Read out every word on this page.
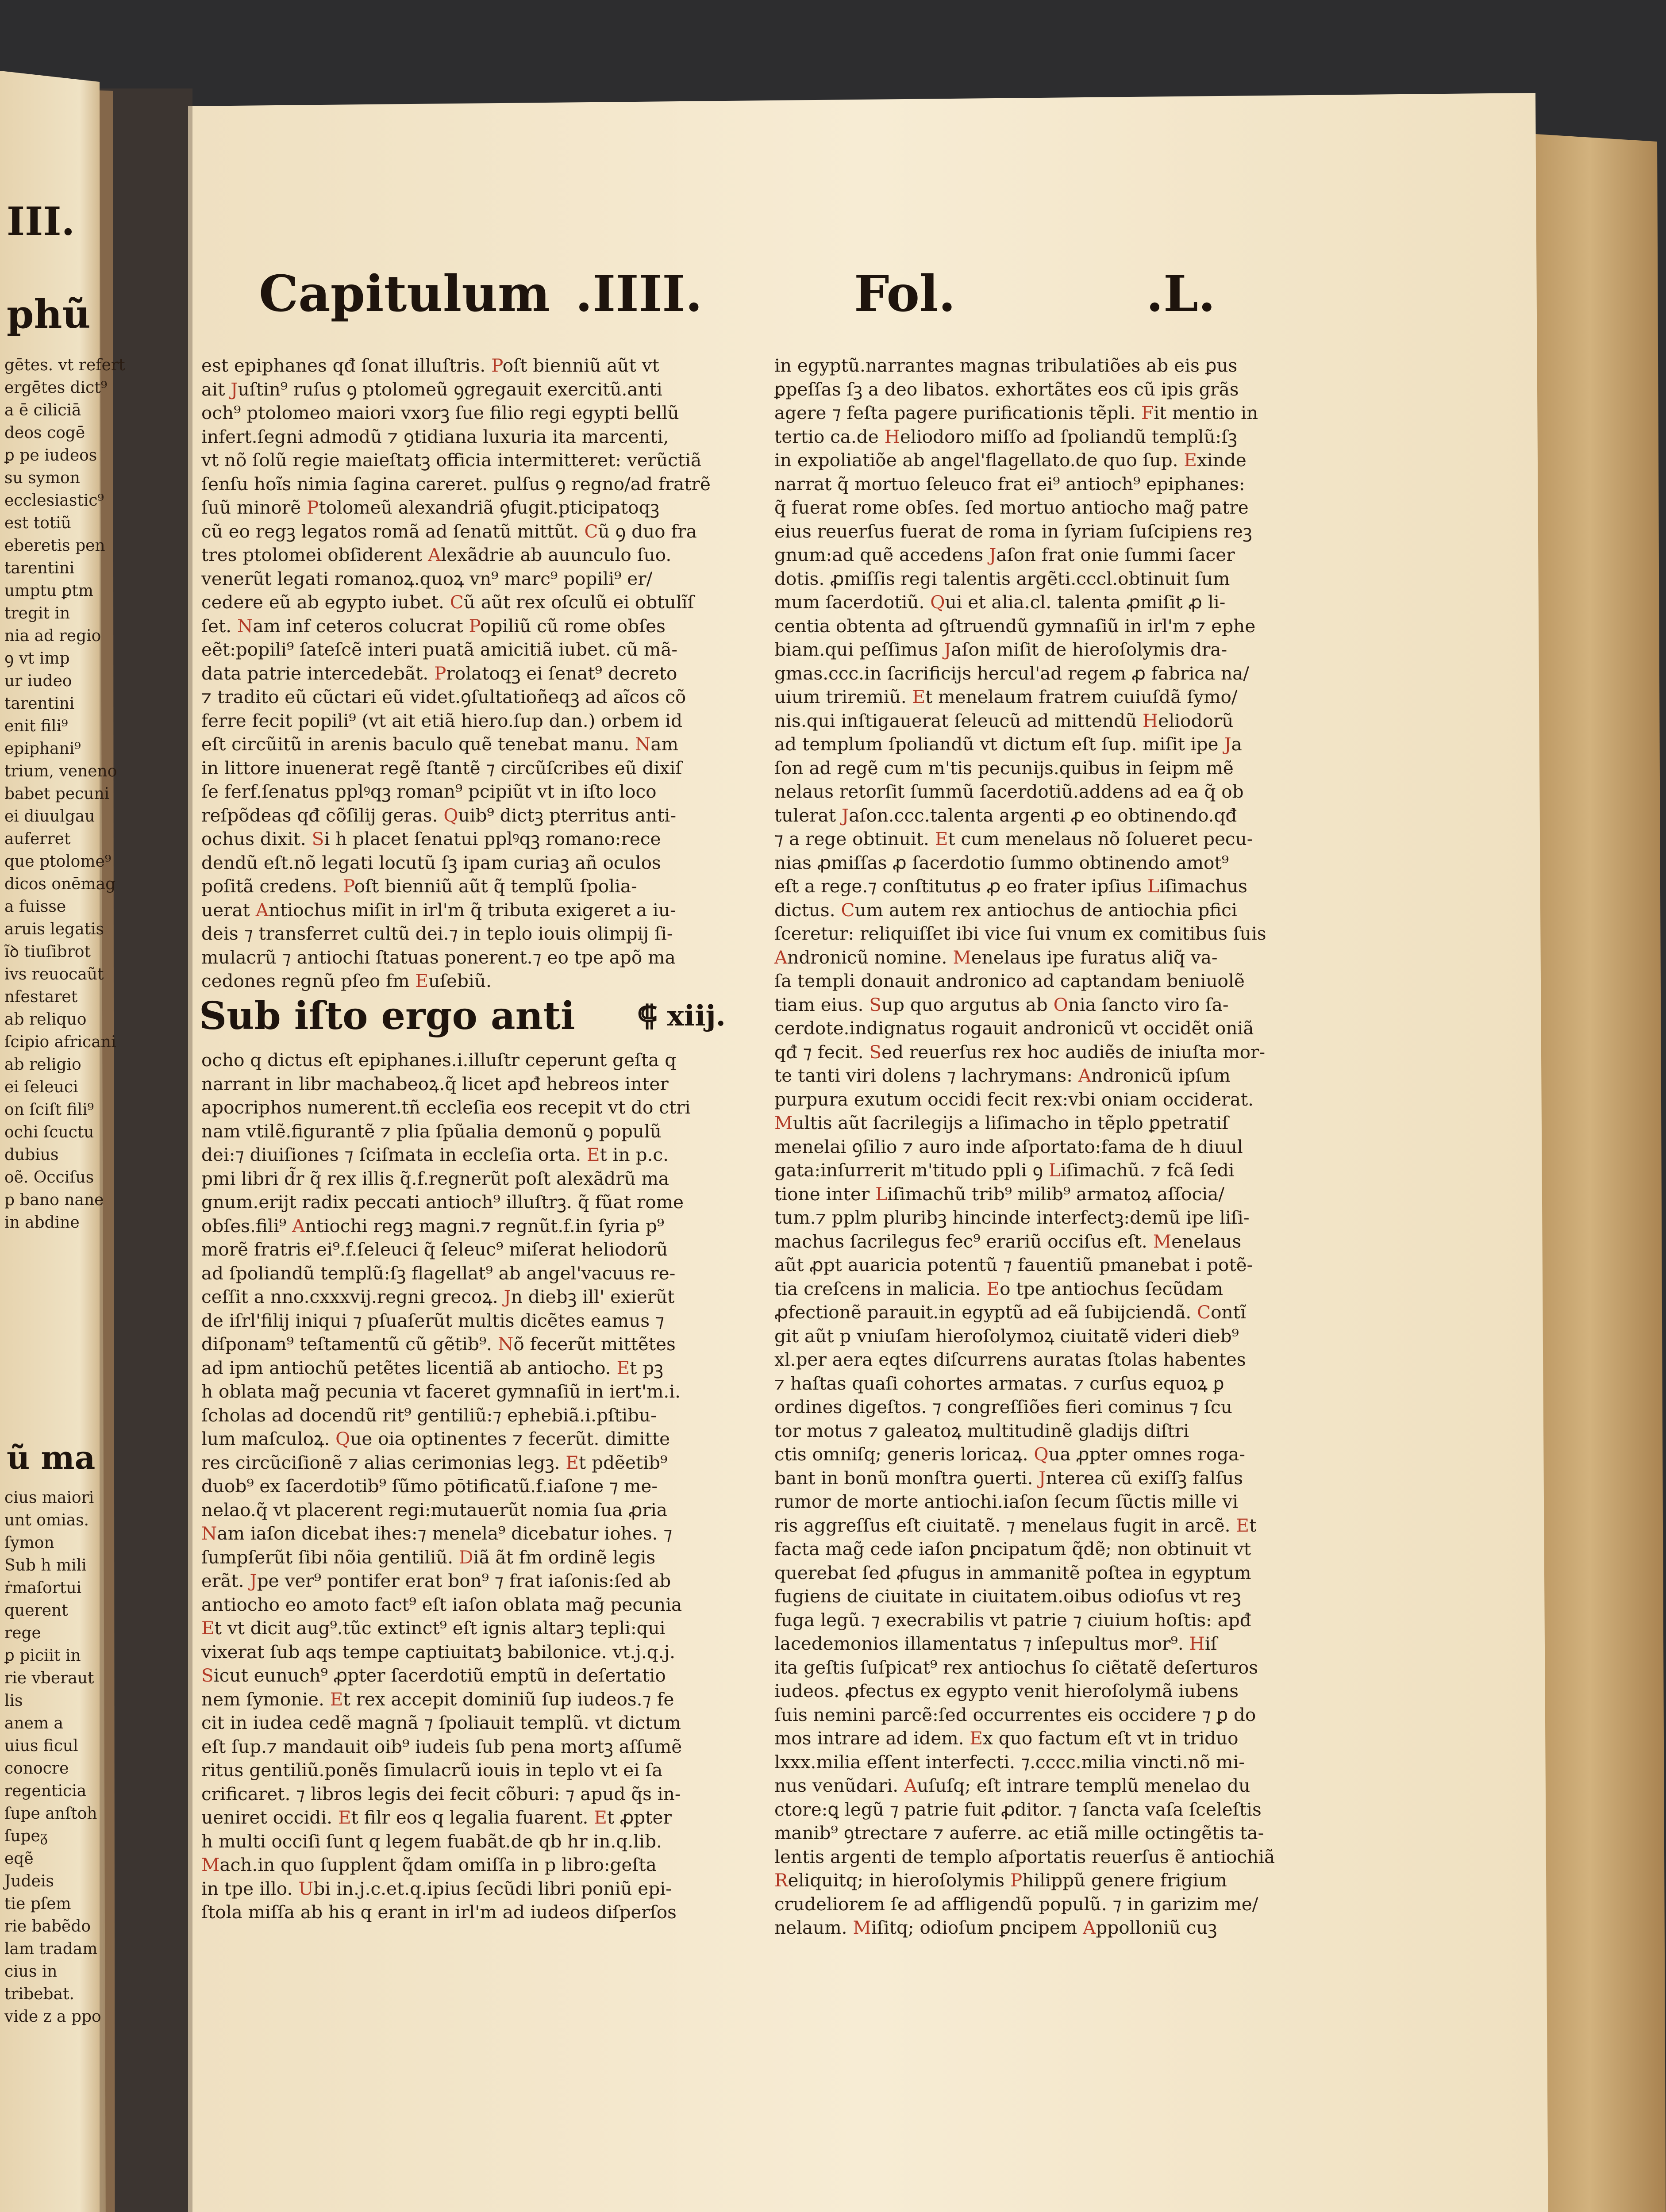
III.
phũ

gētes. vt refert

ergētes dict⁹

a ē ciliciā

deos cogē

ꝑ pe iudeos

su symon

ecclesiastic⁹

est totiũ

eberetis pen

tarentini

umptu ꝑtm

tregit in

nia ad regio

ꝯ vt imp

ur iudeo

tarentini

enit fili⁹

epiphani⁹

trium, veneno

babet pecuni

ei diuulgau

auferret

que ptolome⁹

dicos onēmag

a fuisse

aruis legatis

ĩꝺ tiuſibrot

ivs reuocaũt

nfestaret

ab reliquo

ſcipio africani

ab religio

ei ſeleuci

on ſciſt fili⁹

ochi ſcuctu

dubius

oẽ. Occiſus

p bano nane

in abdine

ũ ma

cius maiori

unt omias.

ſymon

Sub h mili

ṙmaſortui

querent

rege

ꝑ piciit in

rie vberaut

lis

anem a

uius ficul

conocre

regenticia

ſupe anſtoh

ſupeᵹ

eqẽ

Judeis

tie pſem

rie babẽdo

lam tradam

cius in

tribebat.

vide z a ppo

Capitulum .IIII.	Fol.	.L.

est epiphanes qđ ſonat illuſtris. Poſt bienniũ aũt vt

ait Juſtin⁹ ruſus ꝯ ptolomeũ ꝯgregauit exercitũ.anti

och⁹ ptolomeo maiori vxorꝫ ſue filio regi egypti bellũ

infert.ſegni admodũ ⁊ ꝯtidiana luxuria ita marcenti,

vt nõ ſolũ regie maieſtatꝫ officia intermitteret: verũctiã

ſenſu hoĩs nimia ſagina careret. pulſus ꝯ regno/ad fratrẽ

ſuũ minorẽ Ptolomeũ alexandriã ꝯfugit.pticipatoqꝫ

cũ eo regꝫ legatos romã ad ſenatũ mittũt. Cũ ꝯ duo fra

tres ptolomei obſiderent Alexãdrie ab auunculo ſuo.

venerũt legati romanoꝝ.quoꝝ vn⁹ marc⁹ popili⁹ er/

cedere eũ ab egypto iubet. Cũ aũt rex oſculũ ei obtulĩſ

ſet. Nam inf ceteros colucrat Popiliũ cũ rome obſes

eẽt:popili⁹ ſateſcẽ interi puatã amicitiã iubet. cũ mã-

data patrie intercedebãt. Prolatoqꝫ ei ſenat⁹ decreto

⁊ tradito eũ cũctari eũ videt.ꝯſultatioñeqꝫ ad aĩcos cõ

ferre fecit popili⁹ (vt ait etiã hiero.ſup dan.) orbem id

eſt circũitũ in arenis baculo quẽ tenebat manu. Nam

in littore inuenerat regẽ ſtantẽ ⁊ circũſcribes eũ dixiſ

ſe ferf.ſenatus pplꝰqꝫ roman⁹ pcipiũt vt in iſto loco

reſpõdeas qđ cõſilij geras. Quib⁹ dictꝫ pterritus anti-

ochus dixit. Si h placet ſenatui pplꝰqꝫ romano:rece

dendũ eſt.nõ legati locutũ ſꝫ ipam curiaꝫ añ oculos

poſitã credens. Poſt bienniũ aũt q̃ templũ ſpolia-

uerat Antiochus miſit in irl'm q̃ tributa exigeret a iu-

deis ⁊ transferret cultũ dei.⁊ in teplo iouis olimpij ſi-

mulacrũ ⁊ antiochi ſtatuas ponerent.⁊ eo tpe apõ ma

cedones regnũ pſeo fm Euſebiũ.

Sub iſto ergo anti ⸿ xiij.

ocho q dictus eſt epiphanes.i.illuſtr ceperunt geſta q

narrant in libr machabeoꝝ.q̃ licet apđ hebreos inter

apocriphos numerent.tñ eccleſia eos recepit vt do ctri

nam vtilẽ.figurantẽ ⁊ plia ſpũalia demonũ ꝯ populũ

dei:⁊ diuiſiones ⁊ ſciſmata in eccleſia orta. Et in p.c.

pmi libri d̃r q̃ rex illis q̃.f.regnerũt poſt alexãdrũ ma

gnum.erijt radix peccati antioch⁹ illuſtrꝫ. q̃ fũat rome

obſes.fili⁹ Antiochi regꝫ magni.⁊ regnũt.f.in ſyria p⁹

morẽ fratris ei⁹.f.ſeleuci q̃ ſeleuc⁹ miſerat heliodorũ

ad ſpoliandũ templũ:ſꝫ flagellat⁹ ab angel'vacuus re-

ceſſit a nno.cxxxvij.regni grecoꝝ. Jn diebꝫ ill' exierũt

de iſrl'filij iniqui ⁊ pſuaſerũt multis dicẽtes eamus ⁊

diſponam⁹ teſtamentũ cũ gẽtib⁹. Nõ fecerũt mittẽtes

ad ipm antiochũ petẽtes licentiã ab antiocho. Et pꝫ

h oblata mag̃ pecunia vt faceret gymnaſiũ in iert'm.i.

ſcholas ad docendũ rit⁹ gentiliũ:⁊ ephebiã.i.pſtibu-

lum maſculoꝝ. Que oia optinentes ⁊ fecerũt. dimitte

res circũciſionẽ ⁊ alias cerimonias legꝫ. Et pdẽetib⁹

duob⁹ ex ſacerdotib⁹ ſũmo pōtificatũ.f.iaſone ⁊ me-

nelao.q̃ vt placerent regi:mutauerũt nomia ſua ꝓria

Nam iaſon dicebat ihes:⁊ menela⁹ dicebatur iohes. ⁊

ſumpſerũt ſibi nõia gentiliũ. Diã ãt fm ordinẽ legis

erãt. Jpe ver⁹ pontifer erat bon⁹ ⁊ frat iaſonis:ſed ab

antiocho eo amoto fact⁹ eſt iaſon oblata mag̃ pecunia

Et vt dicit aug⁹.tũc extinct⁹ eſt ignis altarꝫ tepli:qui

vixerat ſub aqs tempe captiuitatꝫ babilonice. vt.j.q.j.

Sicut eunuch⁹ ꝓpter ſacerdotiũ emptũ in deſertatio

nem ſymonie. Et rex accepit dominiũ ſup iudeos.⁊ fe

cit in iudea cedẽ magnã ⁊ ſpoliauit templũ. vt dictum

eſt ſup.⁊ mandauit oib⁹ iudeis ſub pena mortꝫ aſſumẽ

ritus gentiliũ.ponẽs ſimulacrũ iouis in teplo vt ei ſa

crificaret. ⁊ libros legis dei fecit cõburi: ⁊ apud q̃s in-

ueniret occidi. Et filr eos q legalia fuarent. Et ꝓpter

h multi occiſi ſunt q legem fuabãt.de qb hr in.q.lib.

Mach.in quo ſupplent q̃dam omiſſa in p libro:geſta

in tpe illo. Ubi in.j.c.et.q.ipius ſecũdi libri poniũ epi-

ſtola miſſa ab his q erant in irl'm ad iudeos diſperſos

in egyptũ.narrantes magnas tribulatiões ab eis ꝑus

ꝑpeſſas ſꝫ a deo libatos. exhortãtes eos cũ ipis grãs

agere ⁊ feſta pagere purificationis tẽpli. Fit mentio in

tertio ca.de Heliodoro miſſo ad ſpoliandũ templũ:ſꝫ

in expoliatiõe ab angel'flagellato.de quo ſup. Exinde

narrat q̃ mortuo ſeleuco frat ei⁹ antioch⁹ epiphanes:

q̃ fuerat rome obſes. ſed mortuo antiocho mag̃ patre

eius reuerſus fuerat de roma in ſyriam ſuſcipiens reꝫ

gnum:ad quẽ accedens Jaſon frat onie ſummi ſacer

dotis. ꝓmiſſis regi talentis argẽti.cccl.obtinuit ſum

mum ſacerdotiũ. Qui et alia.cl. talenta ꝓmiſit ꝓ li-

centia obtenta ad ꝯſtruendũ gymnaſiũ in irl'm ⁊ ephe

biam.qui peſſimus Jaſon miſit de hieroſolymis dra-

gmas.ccc.in ſacrificijs hercul'ad regem ꝓ fabrica na/

uium triremiũ. Et menelaum fratrem cuiuſdã ſymo/

nis.qui inſtigauerat ſeleucũ ad mittendũ Heliodorũ

ad templum ſpoliandũ vt dictum eſt ſup. miſit ipe Ja

ſon ad regẽ cum m'tis pecunijs.quibus in ſeipm mẽ

nelaus retorſit ſummũ ſacerdotiũ.addens ad ea q̃ ob

tulerat Jaſon.ccc.talenta argenti ꝓ eo obtinendo.qđ

⁊ a rege obtinuit. Et cum menelaus nõ ſolueret pecu-

nias ꝓmiſſas ꝓ ſacerdotio ſummo obtinendo amot⁹

eſt a rege.⁊ conſtitutus ꝓ eo frater ipſius Liſimachus

dictus. Cum autem rex antiochus de antiochia pfici

ſceretur: reliquiſſet ibi vice ſui vnum ex comitibus ſuis

Andronicũ nomine. Menelaus ipe furatus aliq̃ va-

ſa templi donauit andronico ad captandam beniuolẽ

tiam eius. Sup quo argutus ab Onia ſancto viro ſa-

cerdote.indignatus rogauit andronicũ vt occidẽt oniã

qđ ⁊ fecit. Sed reuerſus rex hoc audiẽs de iniuſta mor-

te tanti viri dolens ⁊ lachrymans: Andronicũ ipſum

purpura exutum occidi fecit rex:vbi oniam occiderat.

Multis aũt ſacrilegijs a liſimacho in tẽplo ꝑpetratiſ

menelai ꝯſilio ⁊ auro inde aſportato:fama de h diuul

gata:inſurrerit m'titudo ppli ꝯ Liſimachũ. ⁊ fcã ſedi

tione inter Liſimachũ trib⁹ milib⁹ armatoꝝ aſſocia/

tum.⁊ pplm pluribꝫ hincinde interfectꝫ:demũ ipe liſi-

machus ſacrilegus fec⁹ erariũ occiſus eſt. Menelaus

aũt ꝓpt auaricia potentũ ⁊ fauentiũ pmanebat i potẽ-

tia creſcens in malicia. Eo tpe antiochus ſecũdam

ꝓfectionẽ parauit.in egyptũ ad eã ſubijciendã. Contĩ

git aũt p vniuſam hieroſolymoꝝ ciuitatẽ videri dieb⁹

xl.per aera eqtes diſcurrens auratas ſtolas habentes

⁊ haſtas quaſi cohortes armatas. ⁊ curſus equoꝝ ꝑ

ordines digeſtos. ⁊ congreſſiões fieri cominus ⁊ ſcu

tor motus ⁊ galeatoꝝ multitudinẽ gladijs diſtri

ctis omniſq; generis loricaꝝ. Qua ꝓpter omnes roga-

bant in bonũ monſtra ꝯuerti. Jnterea cũ exiſſꝫ falſus

rumor de morte antiochi.iaſon ſecum ſũctis mille vi

ris aggreſſus eſt ciuitatẽ. ⁊ menelaus fugit in arcẽ. Et

facta mag̃ cede iaſon ꝑncipatum q̃dẽ; non obtinuit vt

querebat ſed ꝓfugus in ammanitẽ poſtea in egyptum

fugiens de ciuitate in ciuitatem.oibus odioſus vt reꝫ

fuga legũ. ⁊ execrabilis vt patrie ⁊ ciuium hoſtis: apđ

lacedemonios illamentatus ⁊ inſepultus mor⁹. Hiſ

ita geſtis ſuſpicat⁹ rex antiochus ſo ciẽtatẽ deſerturos

iudeos. ꝓfectus ex egypto venit hieroſolymã iubens

ſuis nemini parcẽ:ſed occurrentes eis occidere ⁊ ꝑ do

mos intrare ad idem. Ex quo factum eſt vt in triduo

lxxx.milia eſſent interfecti. ⁊.cccc.milia vincti.nõ mi-

nus venũdari. Auſuſq; eſt intrare templũ menelao du

ctore:ꝗ legũ ⁊ patrie fuit ꝓditor. ⁊ ſancta vaſa ſceleſtis

manib⁹ ꝯtrectare ⁊ auferre. ac etiã mille octingẽtis ta-

lentis argenti de templo aſportatis reuerſus ẽ antiochiã

Reliquitq; in hieroſolymis Philippũ genere frigium

crudeliorem ſe ad affligendũ populũ. ⁊ in garizim me/

nelaum. Miſitq; odioſum ꝑncipem Appolloniũ cuꝫ
